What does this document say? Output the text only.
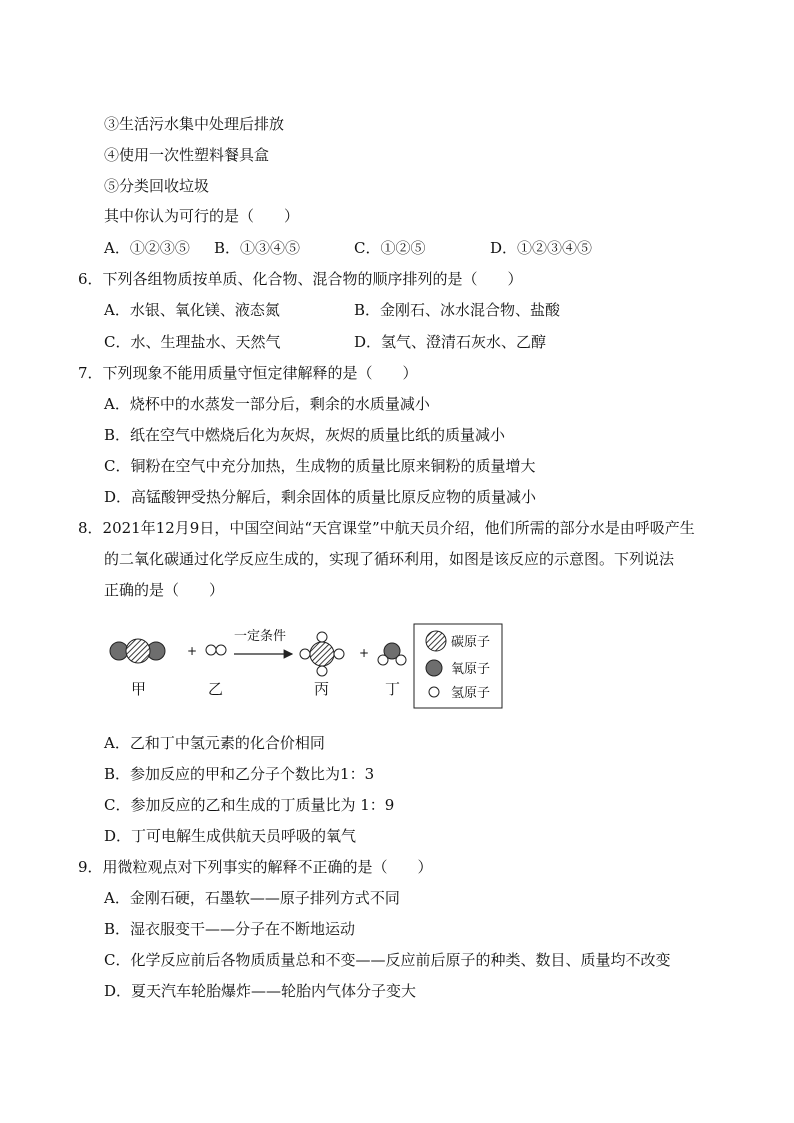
③生活污水集中处理后排放
④使用一次性塑料餐具盒
⑤分类回收垃圾
其中你认为可行的是（　　）
A．①②③⑤ B．①③④⑤	C．①②⑤	D．①②③④⑤
6．下列各组物质按单质、化合物、混合物的顺序排列的是（　　）
A．水银、氧化镁、液态氮	B．金刚石、冰水混合物、盐酸
C．水、生理盐水、天然气	D．氢气、澄清石灰水、乙醇
7．下列现象不能用质量守恒定律解释的是（　　）
A．烧杯中的水蒸发一部分后，剩余的水质量减小
B．纸在空气中燃烧后化为灰烬，灰烬的质量比纸的质量减小
C．铜粉在空气中充分加热，生成物的质量比原来铜粉的质量增大
D．高锰酸钾受热分解后，剩余固体的质量比原反应物的质量减小
8．2021年12月9日，中国空间站“天宫课堂”中航天员介绍，他们所需的部分水是由呼吸产生
的二氧化碳通过化学反应生成的，实现了循环利用，如图是该反应的示意图。下列说法
正确的是（　　）
+
一定条件
+
甲	乙	丙	丁
碳原子
氧原子
氢原子
A．乙和丁中氢元素的化合价相同
B．参加反应的甲和乙分子个数比为1：3
C．参加反应的乙和生成的丁质量比为 1：9
D．丁可电解生成供航天员呼吸的氧气
9．用微粒观点对下列事实的解释不正确的是（　　）
A．金刚石硬，石墨软——原子排列方式不同
B．湿衣服变干——分子在不断地运动
C．化学反应前后各物质质量总和不变——反应前后原子的种类、数目、质量均不改变
D．夏天汽车轮胎爆炸——轮胎内气体分子变大
